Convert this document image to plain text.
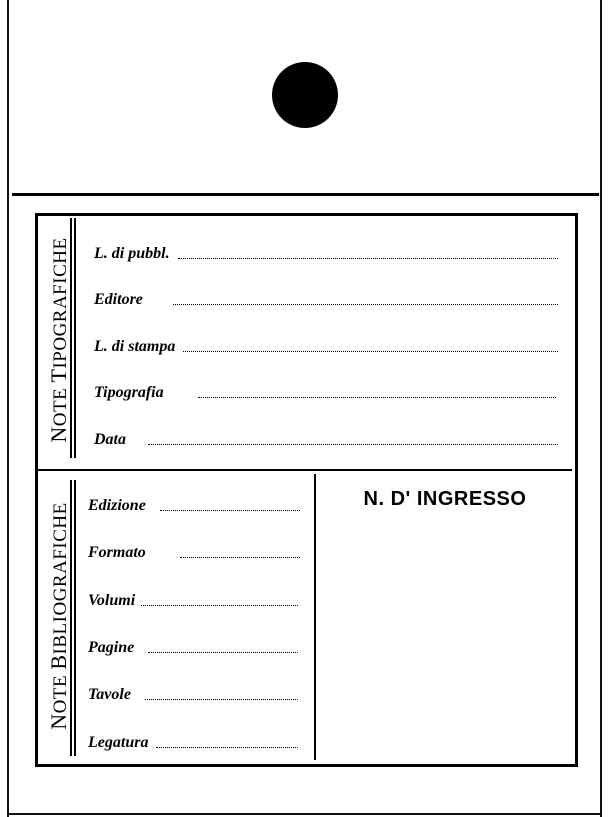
NOTE TIPOGRAFICHE
NOTE BIBLIOGRAFICHE
L. di pubbl.
Editore
L. di stampa
Tipografia
Data
Edizione
Formato
Volumi
Pagine
Tavole
Legatura
N. D' INGRESSO
